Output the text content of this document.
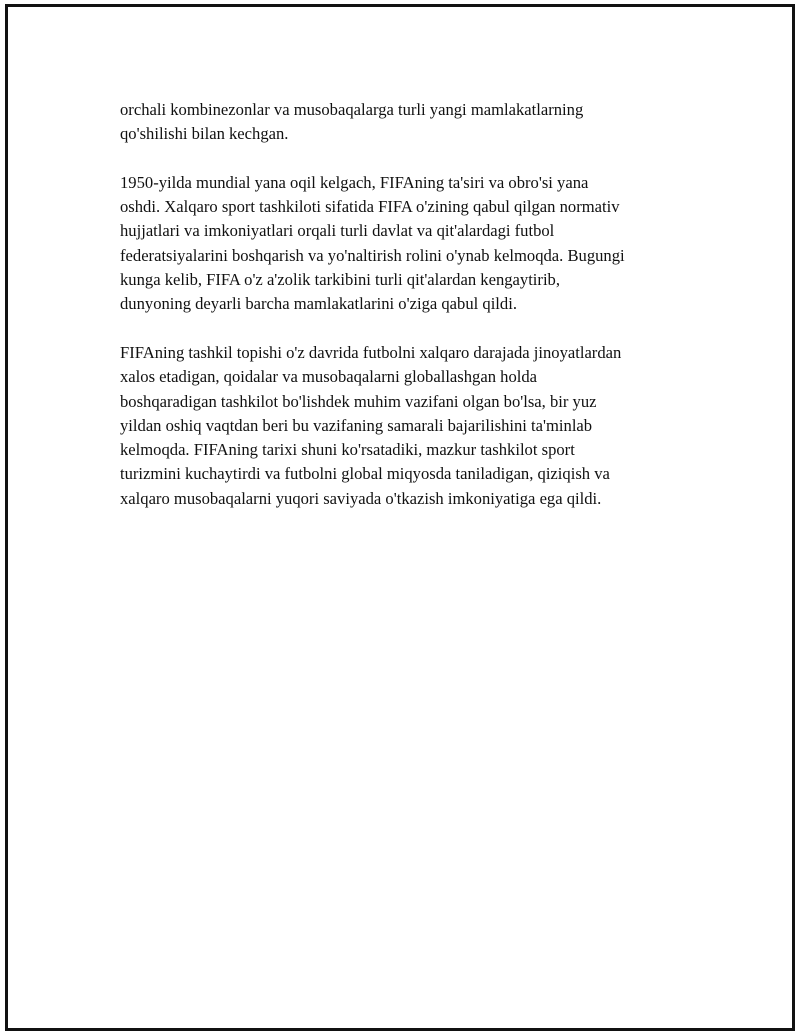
orchali kombinezonlar va musobaqalarga turli yangi mamlakatlarning
qo'shilishi bilan kechgan.

1950-yilda mundial yana oqil kelgach, FIFAning ta'siri va obro'si yana
oshdi. Xalqaro sport tashkiloti sifatida FIFA o'zining qabul qilgan normativ
hujjatlari va imkoniyatlari orqali turli davlat va qit'alardagi futbol
federatsiyalarini boshqarish va yo'naltirish rolini o'ynab kelmoqda. Bugungi
kunga kelib, FIFA o'z a'zolik tarkibini turli qit'alardan kengaytirib,
dunyoning deyarli barcha mamlakatlarini o'ziga qabul qildi.

FIFAning tashkil topishi o'z davrida futbolni xalqaro darajada jinoyatlardan
xalos etadigan, qoidalar va musobaqalarni globallashgan holda
boshqaradigan tashkilot bo'lishdek muhim vazifani olgan bo'lsa, bir yuz
yildan oshiq vaqtdan beri bu vazifaning samarali bajarilishini ta'minlab
kelmoqda. FIFAning tarixi shuni ko'rsatadiki, mazkur tashkilot sport
turizmini kuchaytirdi va futbolni global miqyosda taniladigan, qiziqish va
xalqaro musobaqalarni yuqori saviyada o'tkazish imkoniyatiga ega qildi.
